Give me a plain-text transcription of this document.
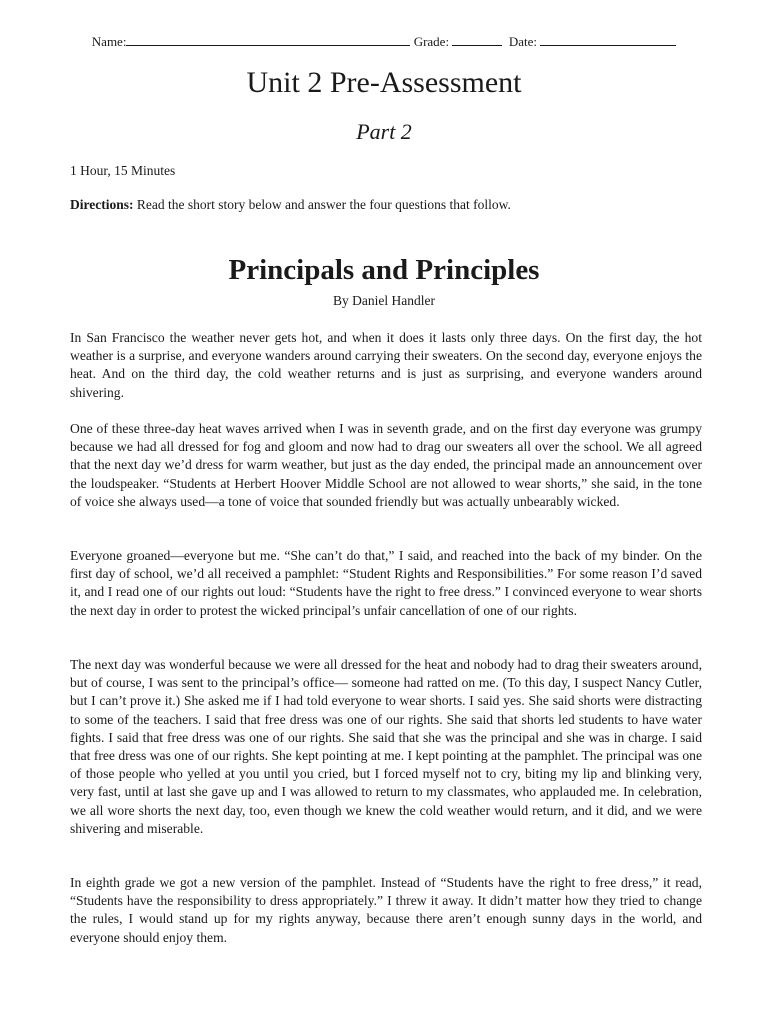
Name:	Grade:	Date:
Unit 2 Pre-Assessment
Part 2
1 Hour, 15 Minutes
Directions: Read the short story below and answer the four questions that follow.
Principals and Principles
By Daniel Handler
In San Francisco the weather never gets hot, and when it does it lasts only three days. On the first day, the hot weather is a surprise, and everyone wanders around carrying their sweaters. On the second day, everyone enjoys the heat. And on the third day, the cold weather returns and is just as surprising, and everyone wanders around shivering.
One of these three-day heat waves arrived when I was in seventh grade, and on the first day everyone was grumpy because we had all dressed for fog and gloom and now had to drag our sweaters all over the school. We all agreed that the next day we’d dress for warm weather, but just as the day ended, the principal made an announcement over the loudspeaker. “Students at Herbert Hoover Middle School are not allowed to wear shorts,” she said, in the tone of voice she always used—a tone of voice that sounded friendly but was actually unbearably wicked.
Everyone groaned—everyone but me. “She can’t do that,” I said, and reached into the back of my binder. On the first day of school, we’d all received a pamphlet: “Student Rights and Responsibilities.” For some reason I’d saved it, and I read one of our rights out loud: “Students have the right to free dress.” I convinced everyone to wear shorts the next day in order to protest the wicked principal’s unfair cancellation of one of our rights.
The next day was wonderful because we were all dressed for the heat and nobody had to drag their sweaters around, but of course, I was sent to the principal’s office— someone had ratted on me. (To this day, I suspect Nancy Cutler, but I can’t prove it.) She asked me if I had told everyone to wear shorts. I said yes. She said shorts were distracting to some of the teachers. I said that free dress was one of our rights. She said that shorts led students to have water fights. I said that free dress was one of our rights. She said that she was the principal and she was in charge. I said that free dress was one of our rights. She kept pointing at me. I kept pointing at the pamphlet. The principal was one of those people who yelled at you until you cried, but I forced myself not to cry, biting my lip and blinking very, very fast, until at last she gave up and I was allowed to return to my classmates, who applauded me. In celebration, we all wore shorts the next day, too, even though we knew the cold weather would return, and it did, and we were shivering and miserable.
In eighth grade we got a new version of the pamphlet. Instead of “Students have the right to free dress,” it read, “Students have the responsibility to dress appropriately.” I threw it away. It didn’t matter how they tried to change the rules, I would stand up for my rights anyway, because there aren’t enough sunny days in the world, and everyone should enjoy them.
